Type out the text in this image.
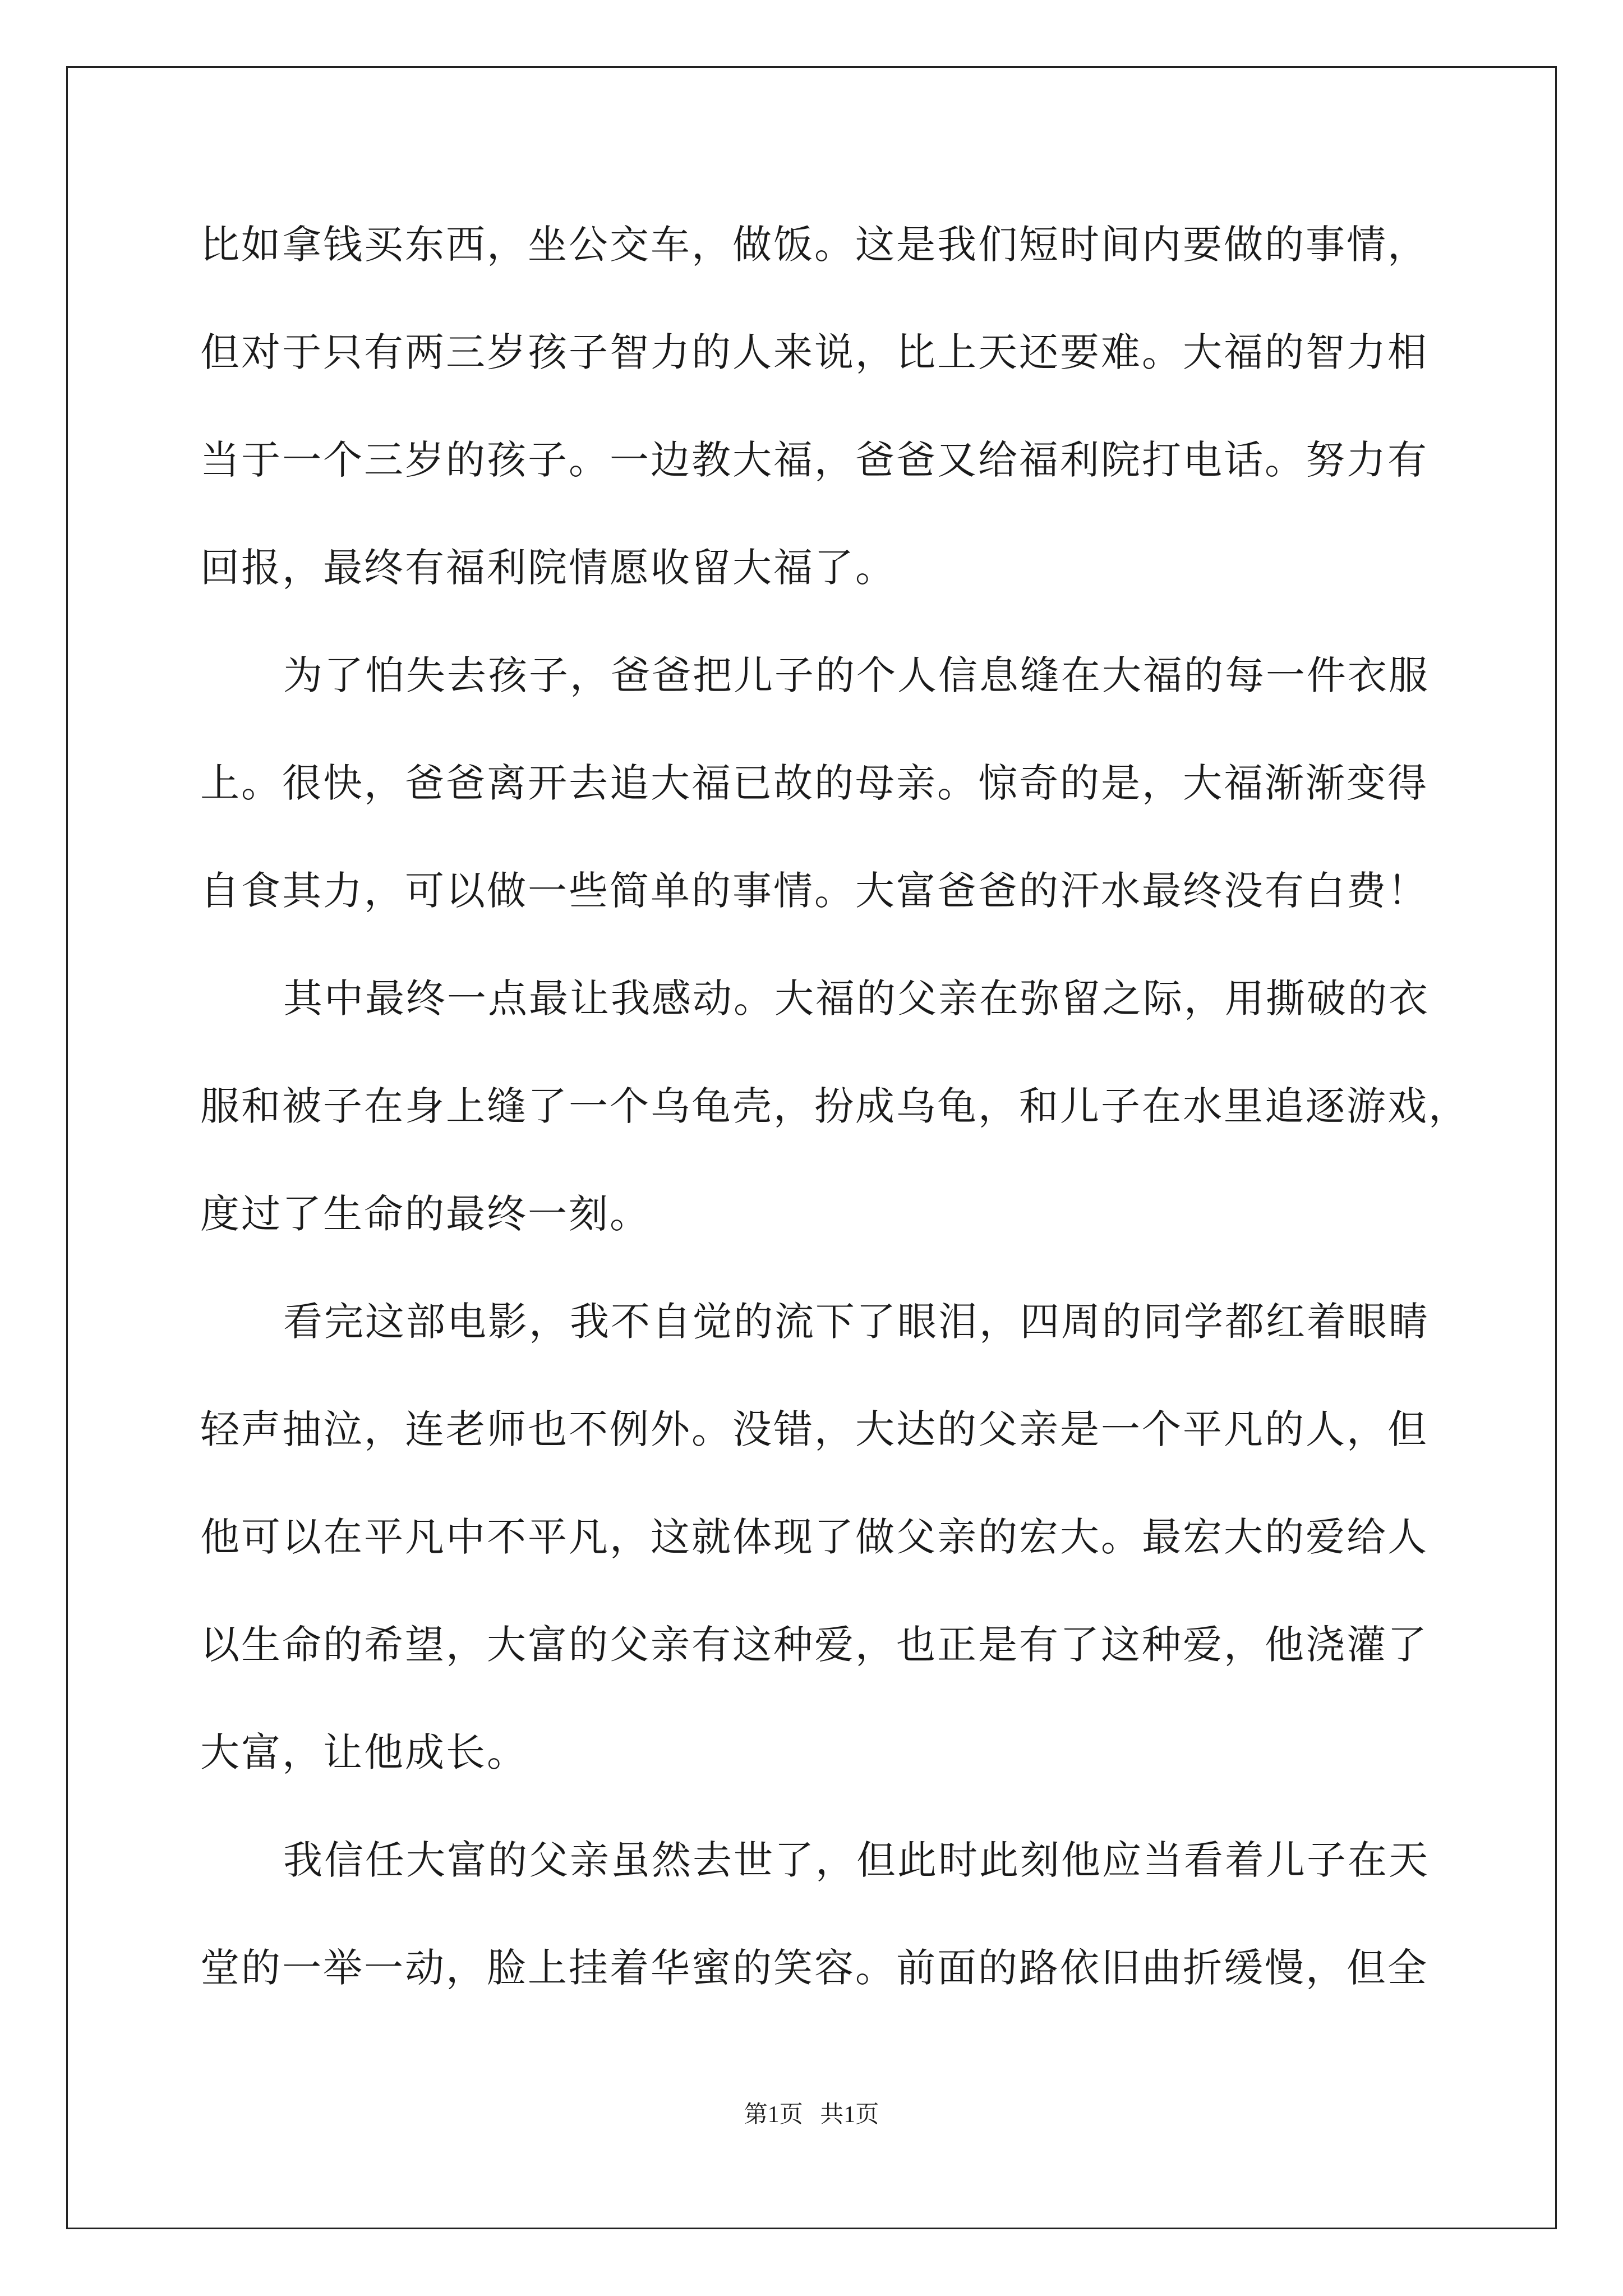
比如拿钱买东西，坐公交车，做饭。这是我们短时间内要做的事情，
但对于只有两三岁孩子智力的人来说，比上天还要难。大福的智力相
当于一个三岁的孩子。一边教大福，爸爸又给福利院打电话。努力有
回报，最终有福利院情愿收留大福了。
为了怕失去孩子，爸爸把儿子的个人信息缝在大福的每一件衣服
上。很快，爸爸离开去追大福已故的母亲。惊奇的是，大福渐渐变得
自食其力，可以做一些简单的事情。大富爸爸的汗水最终没有白费！
其中最终一点最让我感动。大福的父亲在弥留之际，用撕破的衣
服和被子在身上缝了一个乌龟壳，扮成乌龟，和儿子在水里追逐游戏，
度过了生命的最终一刻。
看完这部电影，我不自觉的流下了眼泪，四周的同学都红着眼睛
轻声抽泣，连老师也不例外。没错，大达的父亲是一个平凡的人，但
他可以在平凡中不平凡，这就体现了做父亲的宏大。最宏大的爱给人
以生命的希望，大富的父亲有这种爱，也正是有了这种爱，他浇灌了
大富，让他成长。
我信任大富的父亲虽然去世了，但此时此刻他应当看着儿子在天
堂的一举一动，脸上挂着华蜜的笑容。前面的路依旧曲折缓慢，但全
第1页 共1页
